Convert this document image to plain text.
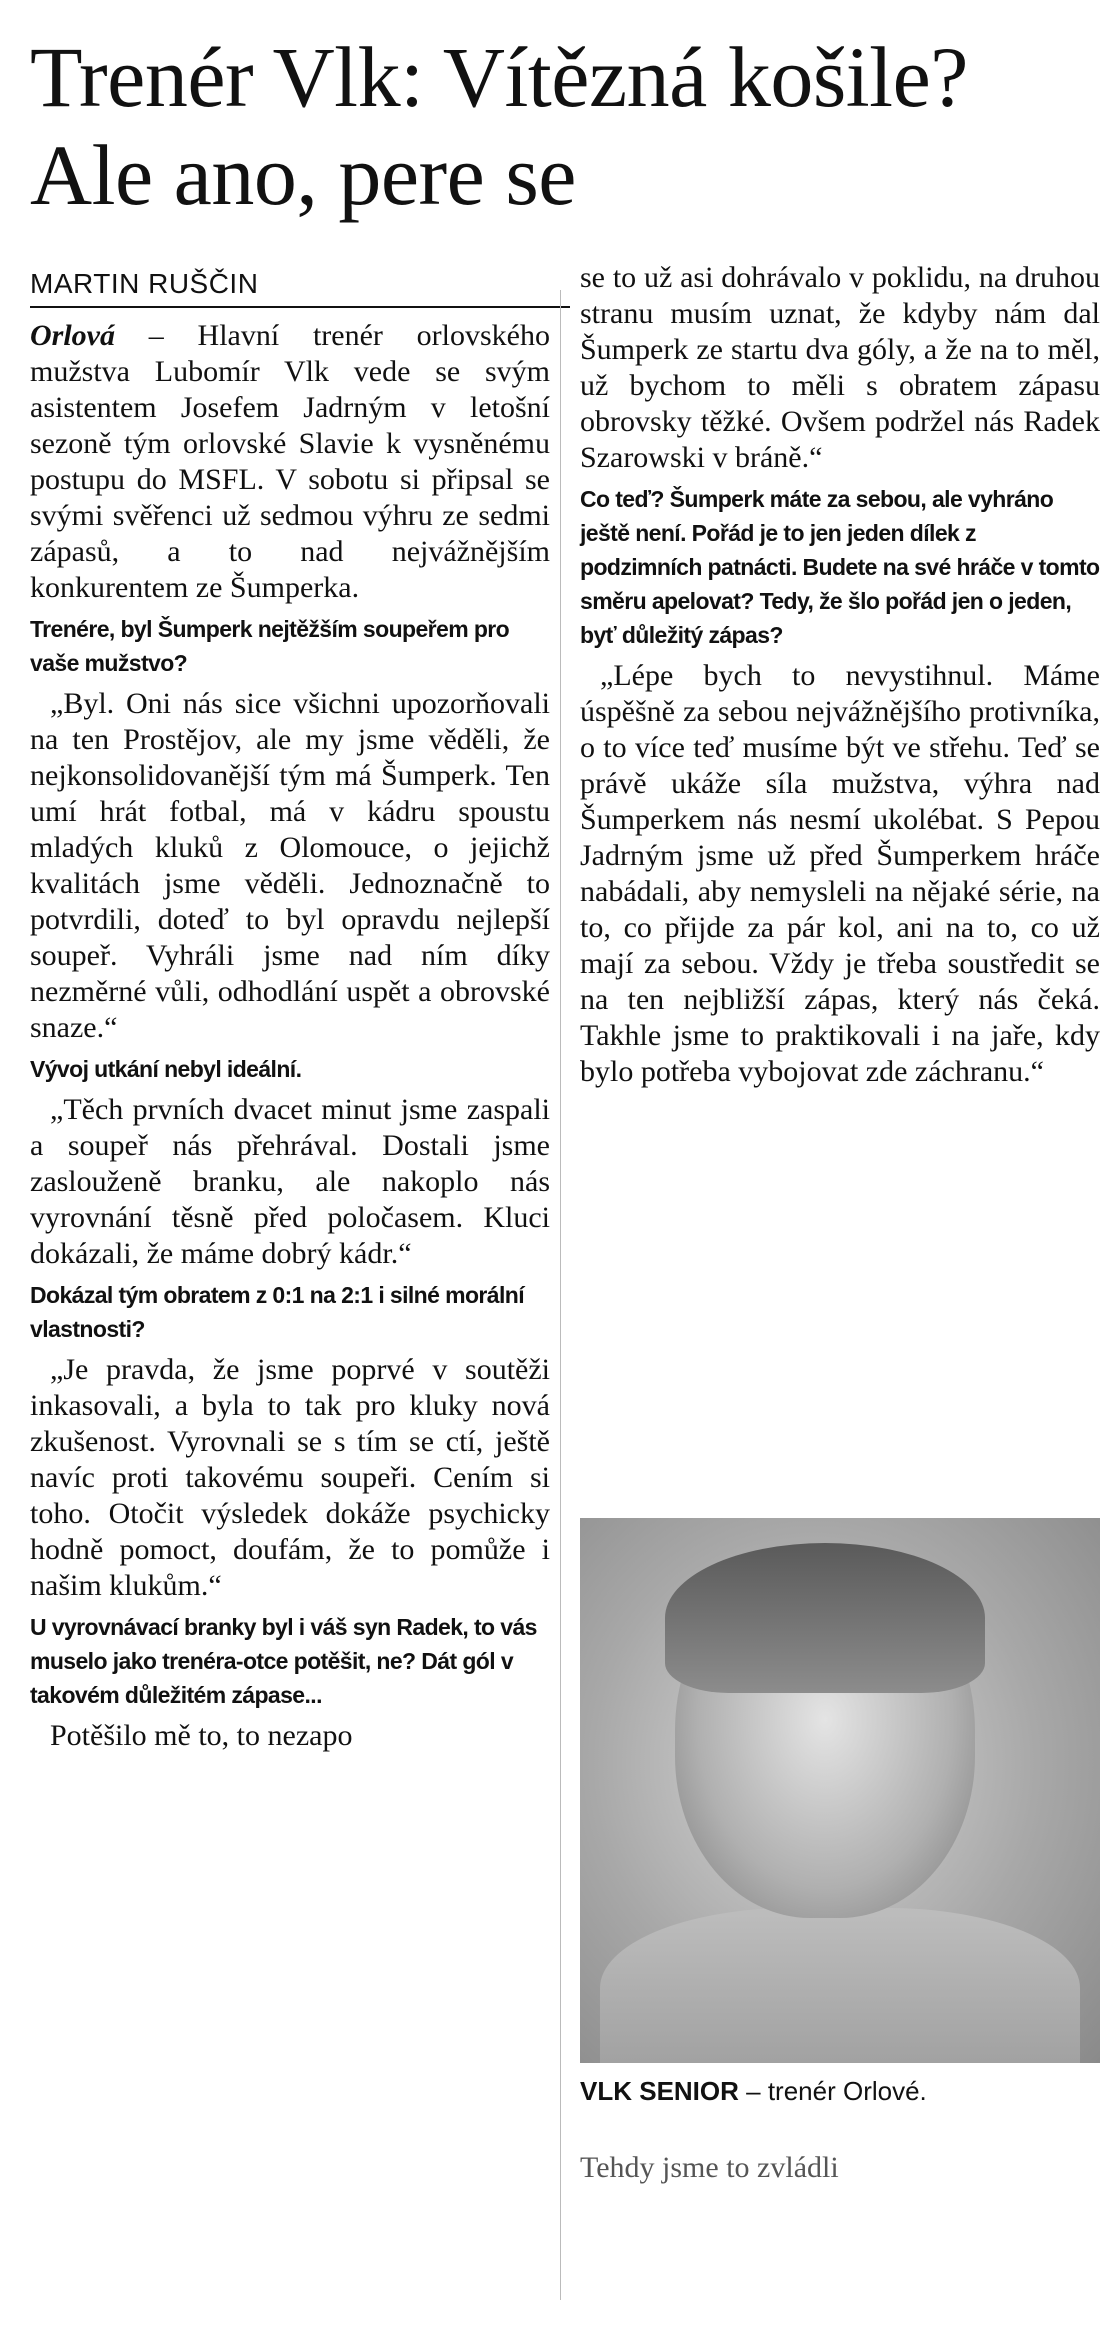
Trenér Vlk: Vítězná košile? Ale ano, pere se
MARTIN RUŠČIN

Orlová – Hlavní trenér orlovského mužstva Lubomír Vlk vede se svým asistentem Josefem Jadrným v letošní sezoně tým orlovské Slavie k vysněnému postupu do MSFL. V sobotu si připsal se svými svěřenci už sedmou výhru ze sedmi zápasů, a to nad nejvážnějším konkurentem ze Šumperka.

Trenére, byl Šumperk nejtěžším soupeřem pro vaše mužstvo?

„Byl. Oni nás sice všichni upozorňovali na ten Prostějov, ale my jsme věděli, že nejkonsolidovanější tým má Šumperk. Ten umí hrát fotbal, má v kádru spoustu mladých kluků z Olomouce, o jejichž kvalitách jsme věděli. Jednoznačně to potvrdili, doteď to byl opravdu nejlepší soupeř. Vyhráli jsme nad ním díky nezměrné vůli, odhodlání uspět a obrovské snaze.“

Vývoj utkání nebyl ideální.

„Těch prvních dvacet minut jsme zaspali a soupeř nás přehrával. Dostali jsme zaslouženě branku, ale nakoplo nás vyrovnání těsně před poločasem. Kluci dokázali, že máme dobrý kádr.“

Dokázal tým obratem z 0:1 na 2:1 i silné morální vlastnosti?

„Je pravda, že jsme poprvé v soutěži inkasovali, a byla to tak pro kluky nová zkušenost. Vyrovnali se s tím se ctí, ještě navíc proti takovému soupeři. Cením si toho. Otočit výsledek dokáže psychicky hodně pomoct, doufám, že to pomůže i našim klukům.“

U vyrovnávací branky byl i váš syn Radek, to vás muselo jako trenéra-otce potěšit, ne? Dát gól v takovém důležitém zápase...

Potěšilo mě to, to nezapo

se to už asi dohrávalo v poklidu, na druhou stranu musím uznat, že kdyby nám dal Šumperk ze startu dva góly, a že na to měl, už bychom to měli s obratem zápasu obrovsky těžké. Ovšem podržel nás Radek Szarowski v bráně.“

Co teď? Šumperk máte za sebou, ale vyhráno ještě není. Pořád je to jen jeden dílek z podzimních patnácti. Budete na své hráče v tomto směru apelovat? Tedy, že šlo pořád jen o jeden, byť důležitý zápas?

„Lépe bych to nevystihnul. Máme úspěšně za sebou nejvážnějšího protivníka, o to více teď musíme být ve střehu. Teď se právě ukáže síla mužstva, výhra nad Šumperkem nás nesmí ukolébat. S Pepou Jadrným jsme už před Šumperkem hráče nabádali, aby nemysleli na nějaké série, na to, co přijde za pár kol, ani na to, co už mají za sebou. Vždy je třeba soustředit se na ten nejbližší zápas, který nás čeká. Takhle jsme to praktikovali i na jaře, kdy bylo potřeba vybojovat zde záchranu.“

VLK SENIOR – trenér Orlové.
Tehdy jsme to zvládli
